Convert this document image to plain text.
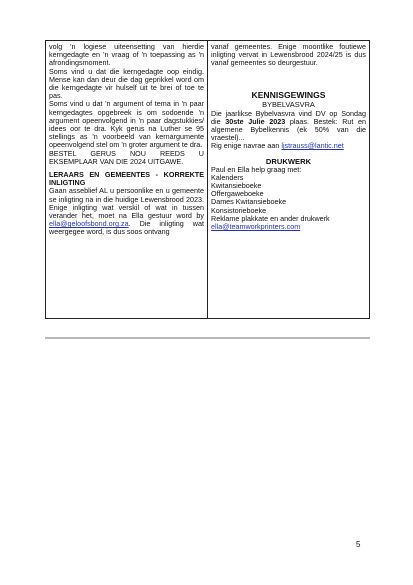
volg 'n logiese uiteensetting van hierdie kerngedagte en 'n vraag of 'n toepassing as 'n afrondingsmoment.

Soms vind u dat die kerngedagte oop eindig. Mense kan dan deur die dag geprikkel word om die kerngedagte vir hulself uit te brei of toe te pas.

Soms vind u dat 'n argument of tema in 'n paar kerngedagtes opgebreek is om sodoende 'n argument opeenvolgend in 'n paar dagstukkies/ idees oor te dra. Kyk gerus na Luther se 95 stellings as 'n voorbeeld van kernargumente opeenvolgend stel om 'n groter argument te dra.

BESTEL GERUS NOU REEDS U EKSEMPLAAR VAN DIE 2024 UITGAWE.

LERAARS EN GEMEENTES - KORREKTE INLIGTING

Gaan asseblief AL u persoonlike en u gemeente se inligting na in die huidige Lewensbrood 2023. Enige inligting wat verskil of wat in tussen verander het, moet na Ella gestuur word by ella@geloofsbond.org.za. Die inligting wat weergegee word, is dus soos ontvang

vanaf gemeentes. Enige moontlike foutiewe inligting vervat in Lewensbrood 2024/25 is dus vanaf gemeentes so deurgestuur.

KENNISGEWINGS

BYBELVASVRA

Die jaarlikse Bybelvasvra vind DV op Sondag die 30ste Julie 2023 plaas. Bestek: Rut en algemene Bybelkennis (ek 50% van die vraestel)...

Rig enige navrae aan ljstrauss@lantic.net

DRUKWERK

Paul en Ella help graag met:

Kalenders

Kwitansieboeke

Offergaweboeke

Dames Kwitansieboeke

Konsistorieboeke

Reklame plakkate en ander drukwerk

ella@teamworkprinters.com

5
